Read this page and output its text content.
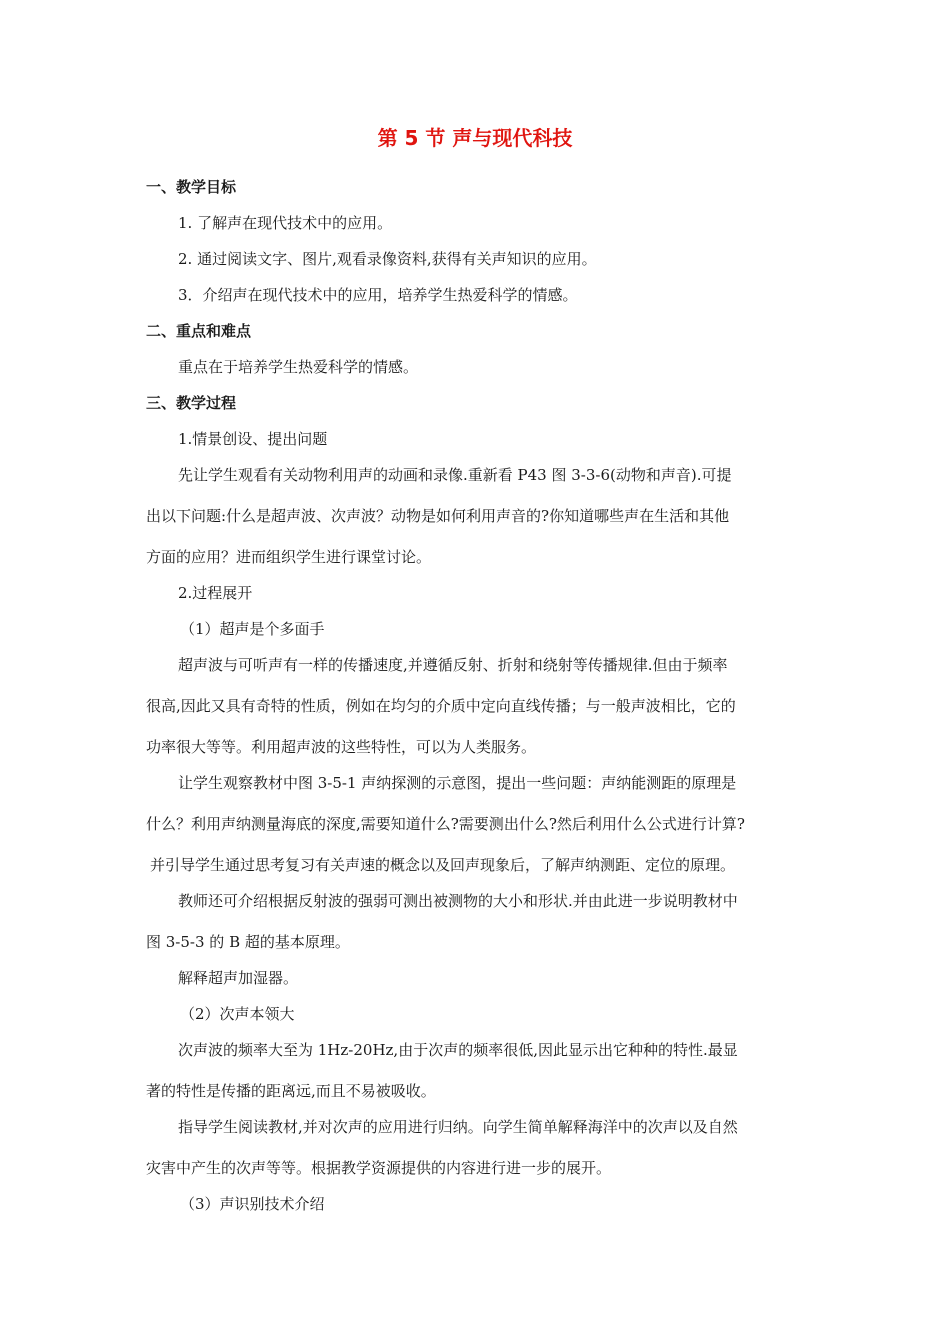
第 5 节 声与现代科技
一、教学目标
1. 了解声在现代技术中的应用。
2. 通过阅读文字、图片,观看录像资料,获得有关声知识的应用。
3．介绍声在现代技术中的应用，培养学生热爱科学的情感。
二、重点和难点
重点在于培养学生热爱科学的情感。
三、教学过程
1.情景创设、提出问题
先让学生观看有关动物利用声的动画和录像.重新看 P43 图 3-3-6(动物和声音).可提
出以下问题:什么是超声波、次声波？动物是如何利用声音的?你知道哪些声在生活和其他
方面的应用？进而组织学生进行课堂讨论。
2.过程展开
（1）超声是个多面手
超声波与可听声有一样的传播速度,并遵循反射、折射和绕射等传播规律.但由于频率
很高,因此又具有奇特的性质，例如在均匀的介质中定向直线传播；与一般声波相比，它的
功率很大等等。利用超声波的这些特性，可以为人类服务。
让学生观察教材中图 3-5-1 声纳探测的示意图，提出一些问题：声纳能测距的原理是
什么？利用声纳测量海底的深度,需要知道什么?需要测出什么?然后利用什么公式进行计算?
并引导学生通过思考复习有关声速的概念以及回声现象后，了解声纳测距、定位的原理。
教师还可介绍根据反射波的强弱可测出被测物的大小和形状.并由此进一步说明教材中
图 3-5-3 的 B 超的基本原理。
解释超声加湿器。
（2）次声本领大
次声波的频率大至为 1Hz-20Hz,由于次声的频率很低,因此显示出它种种的特性.最显
著的特性是传播的距离远,而且不易被吸收。
指导学生阅读教材,并对次声的应用进行归纳。向学生简单解释海洋中的次声以及自然
灾害中产生的次声等等。根据教学资源提供的内容进行进一步的展开。
（3）声识别技术介绍
